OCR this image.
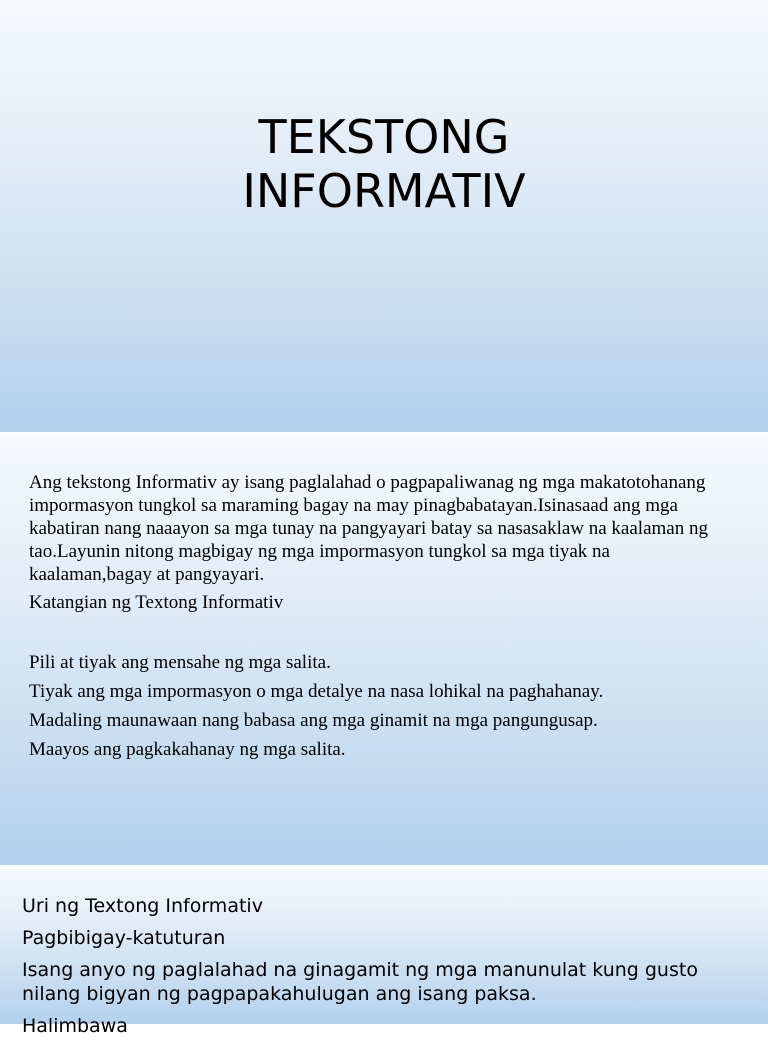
TEKSTONG
INFORMATIV
Ang tekstong Informativ ay isang paglalahad o pagpapaliwanag ng mga makatotohanang impormasyon tungkol sa maraming bagay na may pinagbabatayan.Isinasaad ang mga kabatiran nang naaayon sa mga tunay na pangyayari batay sa nasasaklaw na kaalaman ng tao.Layunin nitong magbigay ng mga impormasyon tungkol sa mga tiyak na kaalaman,bagay at pangyayari.
Katangian ng Textong Informativ
Pili at tiyak ang mensahe ng mga salita.
Tiyak ang mga impormasyon o mga detalye na nasa lohikal na paghahanay.
Madaling maunawaan nang babasa ang mga ginamit na mga pangungusap.
Maayos ang pagkakahanay ng mga salita.
Uri ng Textong Informativ
Pagbibigay-katuturan
Isang anyo ng paglalahad na ginagamit ng mga manunulat kung gusto nilang bigyan ng pagpapakahulugan ang isang paksa.
Halimbawa
